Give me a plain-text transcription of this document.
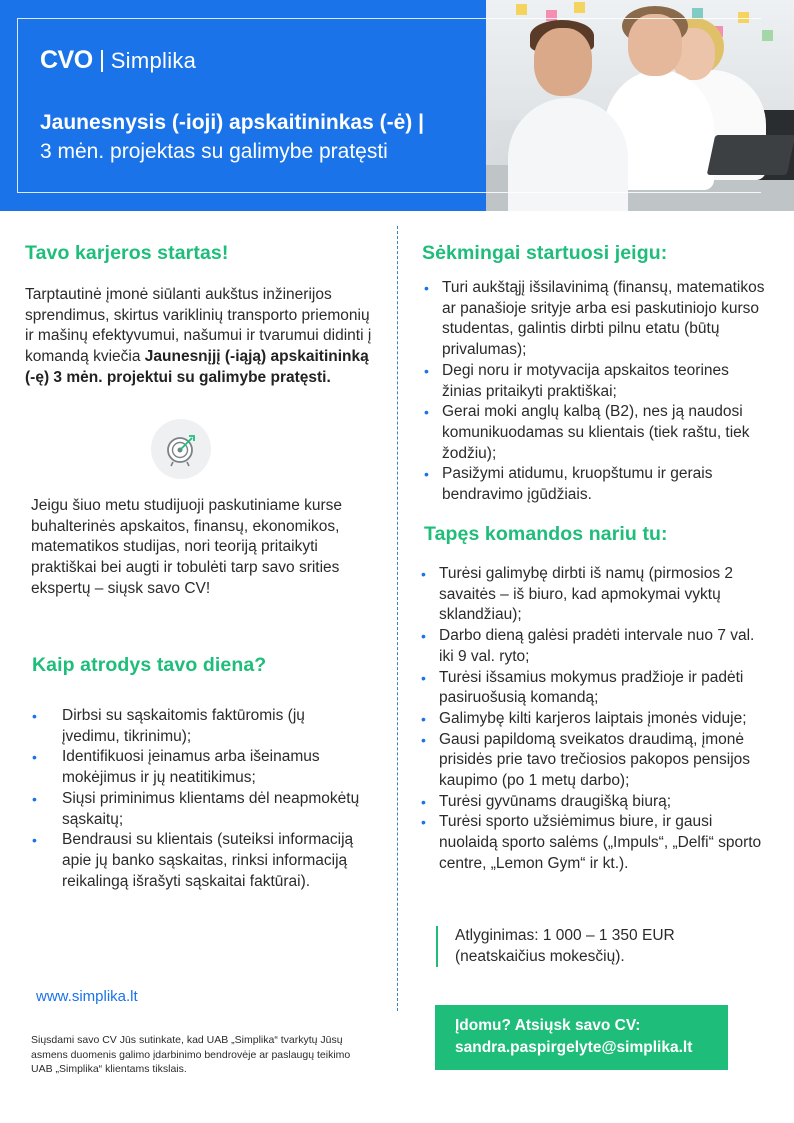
CVO Simplika
Jaunesnysis (-ioji) apskaitininkas (-ė) |
3 mėn. projektas su galimybe pratęsti
Tavo karjeros startas!
Tarptautinė įmonė siūlanti aukštus inžinerijos sprendimus, skirtus variklinių transporto priemonių ir mašinų efektyvumui, našumui ir tvarumui didinti į komandą kviečia Jaunesnįjį (-iąją) apskaitininką (-ę) 3 mėn. projektui su galimybe pratęsti.
Jeigu šiuo metu studijuoji paskutiniame kurse buhalterinės apskaitos, finansų, ekonomikos, matematikos studijas, nori teoriją pritaikyti praktiškai bei augti ir tobulėti tarp savo srities ekspertų – siųsk savo CV!
Kaip atrodys tavo diena?
• Dirbsi su sąskaitomis faktūromis (jų įvedimu, tikrinimu);
• Identifikuosi įeinamus arba išeinamus mokėjimus ir jų neatitikimus;
• Siųsi priminimus klientams dėl neapmokėtų sąskaitų;
• Bendrausi su klientais (suteiksi informaciją apie jų banko sąskaitas, rinksi informaciją reikalingą išrašyti sąskaitai faktūrai).
www.simplika.lt
Siųsdami savo CV Jūs sutinkate, kad UAB „Simplika“ tvarkytų Jūsų asmens duomenis galimo įdarbinimo bendrovėje ar paslaugų teikimo UAB „Simplika“ klientams tikslais.
Sėkmingai startuosi jeigu:
• Turi aukštąjį išsilavinimą (finansų, matematikos ar panašioje srityje arba esi paskutiniojo kurso studentas, galintis dirbti pilnu etatu (būtų privalumas);
• Degi noru ir motyvacija apskaitos teorines žinias pritaikyti praktiškai;
• Gerai moki anglų kalbą (B2), nes ją naudosi komunikuodamas su klientais (tiek raštu, tiek žodžiu);
• Pasižymi atidumu, kruopštumu ir gerais bendravimo įgūdžiais.
Tapęs komandos nariu tu:
• Turėsi galimybę dirbti iš namų (pirmosios 2 savaitės – iš biuro, kad apmokymai vyktų sklandžiau);
• Darbo dieną galėsi pradėti intervale nuo 7 val. iki 9 val. ryto;
• Turėsi išsamius mokymus pradžioje ir padėti pasiruošusią komandą;
• Galimybę kilti karjeros laiptais įmonės viduje;
• Gausi papildomą sveikatos draudimą, įmonė prisidės prie tavo trečiosios pakopos pensijos kaupimo (po 1 metų darbo);
• Turėsi gyvūnams draugišką biurą;
• Turėsi sporto užsiėmimus biure, ir gausi nuolaidą sporto salėms („Impuls“, „Delfi“ sporto centre, „Lemon Gym“ ir kt.).
Atlyginimas: 1 000 – 1 350 EUR (neatskaičius mokesčių).
Įdomu? Atsiųsk savo CV:
sandra.paspirgelyte@simplika.lt
